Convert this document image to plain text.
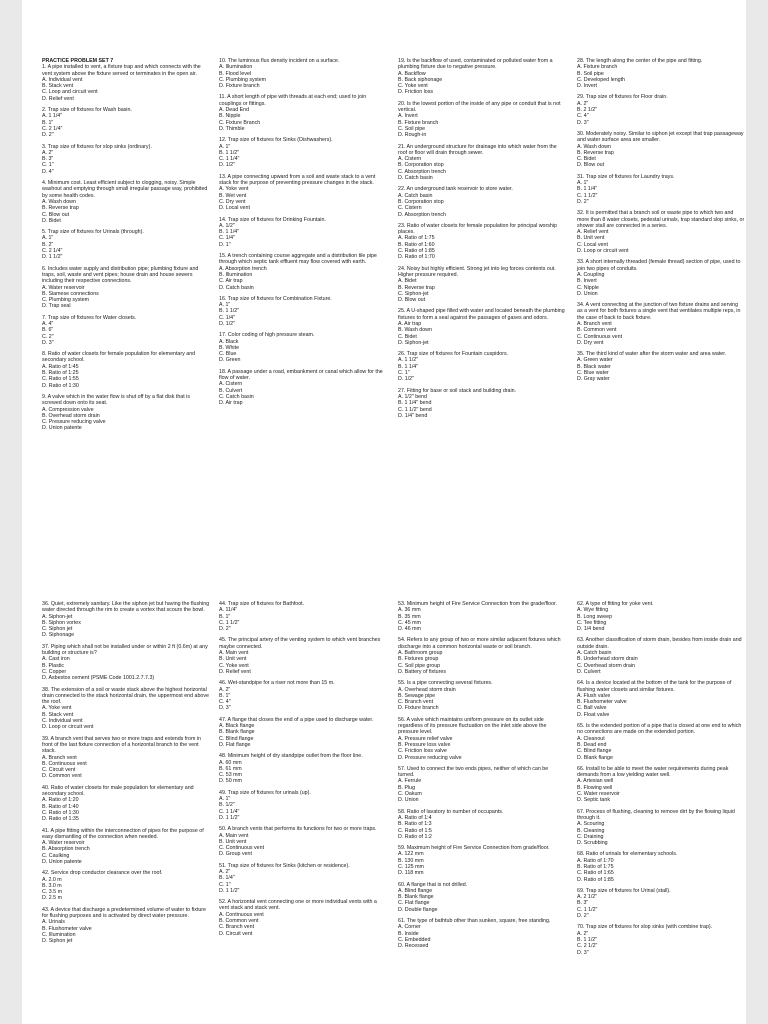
PRACTICE PROBLEM SET 7
1. A pipe installed to vent, a fixture trap and which connects with the vent system above the fixture served or terminates in the open air.
A. Individual vent
B. Stack vent
C. Loop and circuit vent
D. Relief vent
2. Trap size of fixtures for Wash basin.
A. 1 1/4"
B. 1"
C. 2 1/4"
D. 2"
3. Trap size of fixtures for slop sinks (ordinary).
A. 2"
B. 3"
C. 1"
D. 4"
4. Minimum cost. Least efficient subject to clogging, noisy. Simple washout and emptying through small irregular passage way, prohibited by some health codes.
A. Wash down
B. Reverse trap
C. Blow out
D. Bidet
5. Trap size of fixtures for Urinals (through).
A. 1"
B. 2"
C. 2 1/4"
D. 1 1/2"
6. Includes water supply and distribution pipe; plumbing fixture and traps, soil, waste and vent pipes; house drain and house sewers including their respective connections.
A. Water reservoir
B. Siamese connections
C. Plumbing system
D. Trap seal
7. Trap size of fixtures for Water closets.
A. 4"
B. 6"
C. 2"
D. 3"
8. Ratio of water closets for female population for elementary and secondary school.
A. Ratio of 1:45
B. Ratio of 1:25
C. Ratio of 1:55
D. Ratio of 1:30
9. A valve which in the water flow is shut off by a flat disk that is screwed down onto its seat.
A. Compression valve
B. Overhead storm drain
C. Pressure reducing valve
D. Union patente
10. The luminous flux density incident on a surface.
A. Illumination
B. Flood level
C. Plumbing system
D. Fixture branch
11. A short length of pipe with threads at each end; used to join couplings or fittings.
A. Dead End
B. Nipple
C. Fixture Branch
D. Thimble
12. Trap size of fixtures for Sinks (Dishwashers).
A. 1"
B. 1 1/2"
C. 1 1/4"
D. 1/2"
13. A pipe connecting upward from a soil and waste stack to a vent stack for the purpose of preventing pressure changes in the stack.
A. Yoke vent
B. Wet vent
C. Dry vent
D. Local vent
14. Trap size of fixtures for Drinking Fountain.
A. 1/2"
B. 1 1/4"
C. 1/4"
D. 1"
15. A trench containing course aggregate and a distribution tile pipe through which septic tank effluent may flow covered with earth.
A. Absorption trench
B. Illumination
C. Air trap
D. Catch basin
16. Trap size of fixtures for Combination Fixture.
A. 1"
B. 1 1/2"
C. 1/4"
D. 1/2"
17. Color coding of high pressure steam.
A. Black
B. White
C. Blue
D. Green
18. A passage under a road, embankment or canal which allow for the flow of water.
A. Cistern
B. Culvert
C. Catch basin
D. Air trap
19. Is the backflow of used, contaminated or polluted water from a plumbing fixture due to negative pressure.
A. Backflow
B. Back siphonage
C. Yoke vent
D. Friction loss
20. Is the lowest portion of the inside of any pipe or conduit that is not vertical.
A. Invert
B. Fixture branch
C. Soil pipe
D. Rough-in
21. An underground structure for drainage into which water from the roof or floor will drain through sewer.
A. Cistern
B. Corporation stop
C. Absorption trench
D. Catch basin
22. An underground tank reservoir to store water.
A. Catch basin
B. Corporation stop
C. Cistern
D. Absorption trench
23. Ratio of water closets for female population for principal worship places.
A. Ratio of 1:75
B. Ratio of 1:60
C. Ratio of 1:85
D. Ratio of 1:70
24. Noisy but highly efficient. Strong jet into leg forces contents out. Higher pressure required.
A. Bidet
B. Reverse trap
C. Siphon-jet
D. Blow out
25. A U-shaped pipe filled with water and located beneath the plumbing fixtures to form a seal against the passages of gases and odors.
A. Air trap
B. Wash down
C. Bidet
D. Siphon-jet
26. Trap size of fixtures for Fountain cuspidors.
A. 1 1/2"
B. 1 1/4"
C. 1"
D. 1/2"
27. Fitting for base or soil stack and building drain.
A. 1/2" bend
B. 1 1/4" bend
C. 1 1/2" bend
D. 1/4" bend
28. The length along the center of the pipe and fitting.
A. Fixture branch
B. Soil pipe
C. Developed length
D. Invert
29. Trap size of fixtures for Floor drain.
A. 2"
B. 2 1/2"
C. 4"
D. 3"
30. Moderately noisy. Similar to siphon jet except that trap passageway and water surface area are smaller.
A. Wash down
B. Reverse trap
C. Bidet
D. Blow out
31. Trap size of fixtures for Laundry trays.
A. 1"
B. 1 1/4"
C. 1 1/2"
D. 2"
32. It is permitted that a branch soil or waste pipe to which two and more than 8 water closets, pedestal urinals, trap standard slop sinks, or shower stall are connected in a series.
A. Relief vent
B. Unit vent
C. Local vent
D. Loop or circuit vent
33. A short internally threaded (female thread) section of pipe, used to join two pipes of conduits.
A. Coupling
B. Invert
C. Nipple
D. Union
34. A vent connecting at the junction of two fixture drains and serving as a vent for both fixtures a single vent that ventilates multiple reps, in the case of back to back fixture.
A. Branch vent
B. Common vent
C. Continuous vent
D. Dry vent
35. The third kind of water after the storm water and area water.
A. Green water
B. Black water
C. Blue water
D. Gray water
36. Quiet, extremely sanitary. Like the siphon jet but having the flushing water directed through the rim to create a vortex that scours the bowl.
A. Siphon-jet
B. Siphon vortex
C. Siphon jet
D. Siphonage
37. Piping which shall not be installed under or within 2 ft (0.6m) at any building or structure is?
A. Cast iron
B. Plastic
C. Copper
D. Asbestos cement (PSME Code 1001.2.7.7.3)
38. The extension of a soil or waste stack above the highest horizontal drain connected to the stack horizontal drain, the uppermost end above the roof.
A. Yoke vent
B. Stack vent
C. Individual vent
D. Loop or circuit vent
39. A branch vent that serves two or more traps and extends from in front of the last fixture connection of a horizontal branch to the vent stack.
A. Branch vent
B. Continuous vent
C. Circuit vent
D. Common vent
40. Ratio of water closets for male population for elementary and secondary school.
A. Ratio of 1:20
B. Ratio of 1:40
C. Ratio of 1:30
D. Ratio of 1:35
41. A pipe fitting within the interconnection of pipes for the purpose of easy dismantling of the connection when needed.
A. Water reservoir
B. Absorption trench
C. Caulking
D. Union patente
42. Service drop conductor clearance over the roof.
A. 2.0 m
B. 3.0 m
C. 3.5 m
D. 2.5 m
43. A device that discharge a predetermined volume of water to fixture for flushing purposes and is activated by direct water pressure.
A. Urinals
B. Flushometer valve
C. Illumination
D. Siphon jet
44. Trap size of fixtures for Bathfoot.
A. 11/4"
B. 1"
C. 1 1/2"
D. 2"
45. The principal artery of the venting system to which vent branches maybe connected.
A. Main vent
B. Unit vent
C. Yoke vent
D. Relief vent
46. Wet-standpipe for a riser not more than 15 m.
A. 2"
B. 1"
C. 4"
D. 3"
47. A flange that closes the end of a pipe used to discharge water.
A. Black flange
B. Blank flange
C. Blind flange
D. Flat flange
48. Minimum height of dry standpipe outlet from the floor line.
A. 60 mm
B. 61 mm
C. 53 mm
D. 50 mm
49. Trap size of fixtures for urinals (up).
A. 1"
B. 1/2"
C. 1 1/4"
D. 1 1/2"
50. A branch vents that performs its functions for two or more traps.
A. Main vent
B. Unit vent
C. Continuous vent
D. Group vent
51. Trap size of fixtures for Sinks (kitchen or residence).
A. 2"
B. 1/4"
C. 1"
D. 1 1/2"
52. A horizontal vent connecting one or more individual vents with a vent stack and stack vent.
A. Continuous vent
B. Common vent
C. Branch vent
D. Circuit vent
53. Minimum height of Fire Service Connection from the grade/floor.
A. 36 mm
B. 35 mm
C. 45 mm
D. 46 mm
54. Refers to any group of two or more similar adjacent fixtures which discharge into a common horizontal waste or soil branch.
A. Bathroom group
B. Fixtures group
C. Soil pipe group
D. Battery of fixtures
55. Is a pipe connecting several fixtures.
A. Overhead storm drain
B. Sewage pipe
C. Branch vent
D. Fixture branch
56. A valve which maintains uniform pressure on its outlet side regardless of its pressure fluctuation on the inlet side above the pressure level.
A. Pressure relief valve
B. Pressure loss valve
C. Friction loss valve
D. Pressure reducing valve
57. Used to connect the two ends pipes, neither of which can be turned.
A. Ferrule
B. Plug
C. Oakum
D. Union
58. Ratio of lavatory to number of occupants.
A. Ratio of 1:4
B. Ratio of 1:3
C. Ratio of 1:5
D. Ratio of 1:2
59. Maximum height of Fire Service Connection from grade/floor.
A. 122 mm
B. 130 mm
C. 125 mm
D. 118 mm
60. A flange that is not drilled.
A. Blind flange
B. Blank flange
C. Flat flange
D. Double flange
61. The type of bathtub other than sunken, square, free standing.
A. Corner
B. Inside
C. Embedded
D. Recessed
62. A type of fitting for yoke vent.
A. Wye fitting
B. Long sweep
C. Tee fitting
D. 1/4 bend
63. Another classification of storm drain, besides from inside drain and outside drain.
A. Catch basin
B. Underhead storm drain
C. Overhead storm drain
D. Culvert
64. Is a device located at the bottom of the tank for the purpose of flushing water closets and similar fixtures.
A. Flush valve
B. Flushometer valve
C. Ball valve
D. Float valve
65. Is the extended portion of a pipe that is closed at one end to which no connections are made on the extended portion.
A. Cleanout
B. Dead end
C. Blind flange
D. Blank flange
66. Install to be able to meet the water requirements during peak demands from a low yielding water well.
A. Artesian well
B. Flowing well
C. Water reservoir
D. Septic tank
67. Process of flushing, cleaning to remove dirt by the flowing liquid through it.
A. Scouring
B. Cleaning
C. Draining
D. Scrubbing
68. Ratio of urinals for elementary schools.
A. Ratio of 1:70
B. Ratio of 1:75
C. Ratio of 1:65
D. Ratio of 1:85
69. Trap size of fixtures for Urinal (stall).
A. 2 1/2"
B. 3"
C. 1 1/2"
D. 2"
70. Trap size of fixtures for slop sinks (with combine trap).
A. 2"
B. 1 1/2"
C. 2 1/2"
D. 3"
